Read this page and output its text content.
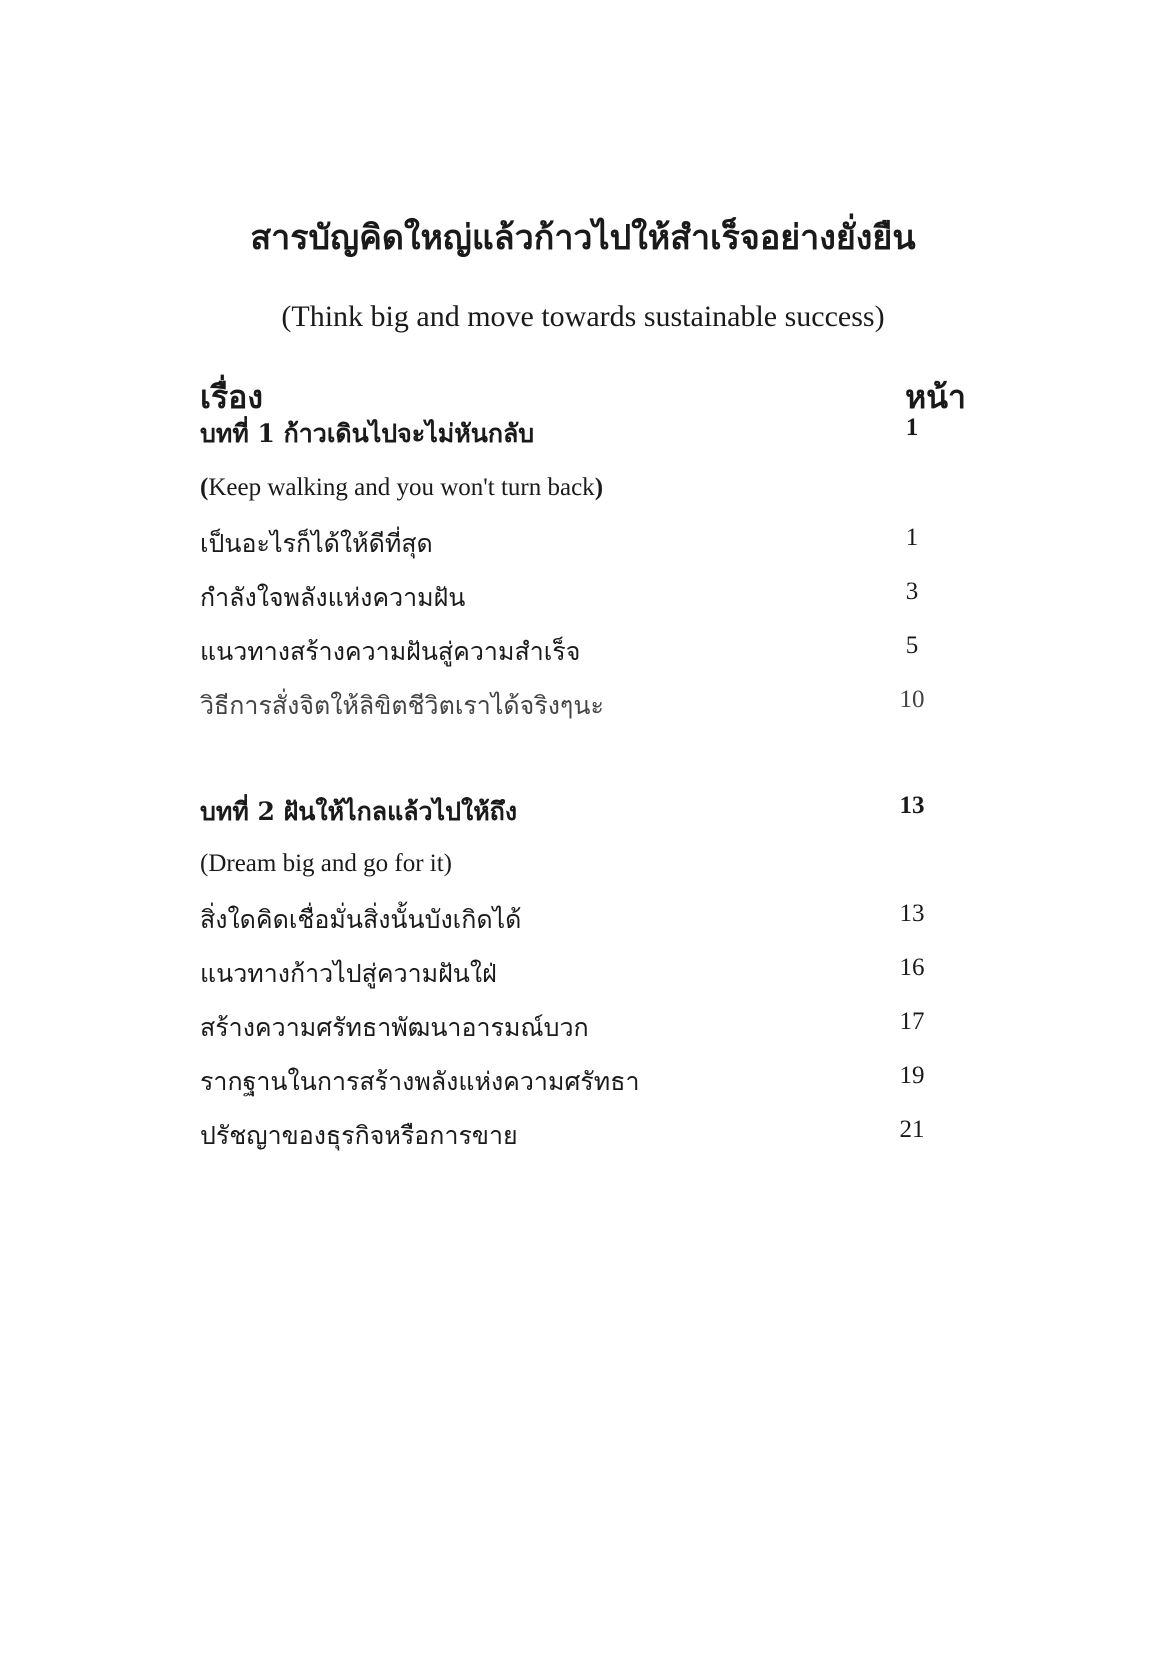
สารบัญคิดใหญ่แล้วก้าวไปให้สำเร็จอย่างยั่งยืน
(Think big and move towards sustainable success)
เรื่อง	หน้า
บทที่ 1 ก้าวเดินไปจะไม่หันกลับ	1
(Keep walking and you won't turn back)
เป็นอะไรก็ได้ให้ดีที่สุด	1
กำลังใจพลังแห่งความฝัน	3
แนวทางสร้างความฝันสู่ความสำเร็จ	5
วิธีการสั่งจิตให้ลิขิตชีวิตเราได้จริงๆนะ	10
บทที่ 2 ฝันให้ไกลแล้วไปให้ถึง	13
(Dream big and go for it)
สิ่งใดคิดเชื่อมั่นสิ่งนั้นบังเกิดได้	13
แนวทางก้าวไปสู่ความฝันใฝ่	16
สร้างความศรัทธาพัฒนาอารมณ์บวก	17
รากฐานในการสร้างพลังแห่งความศรัทธา	19
ปรัชญาของธุรกิจหรือการขาย	21
